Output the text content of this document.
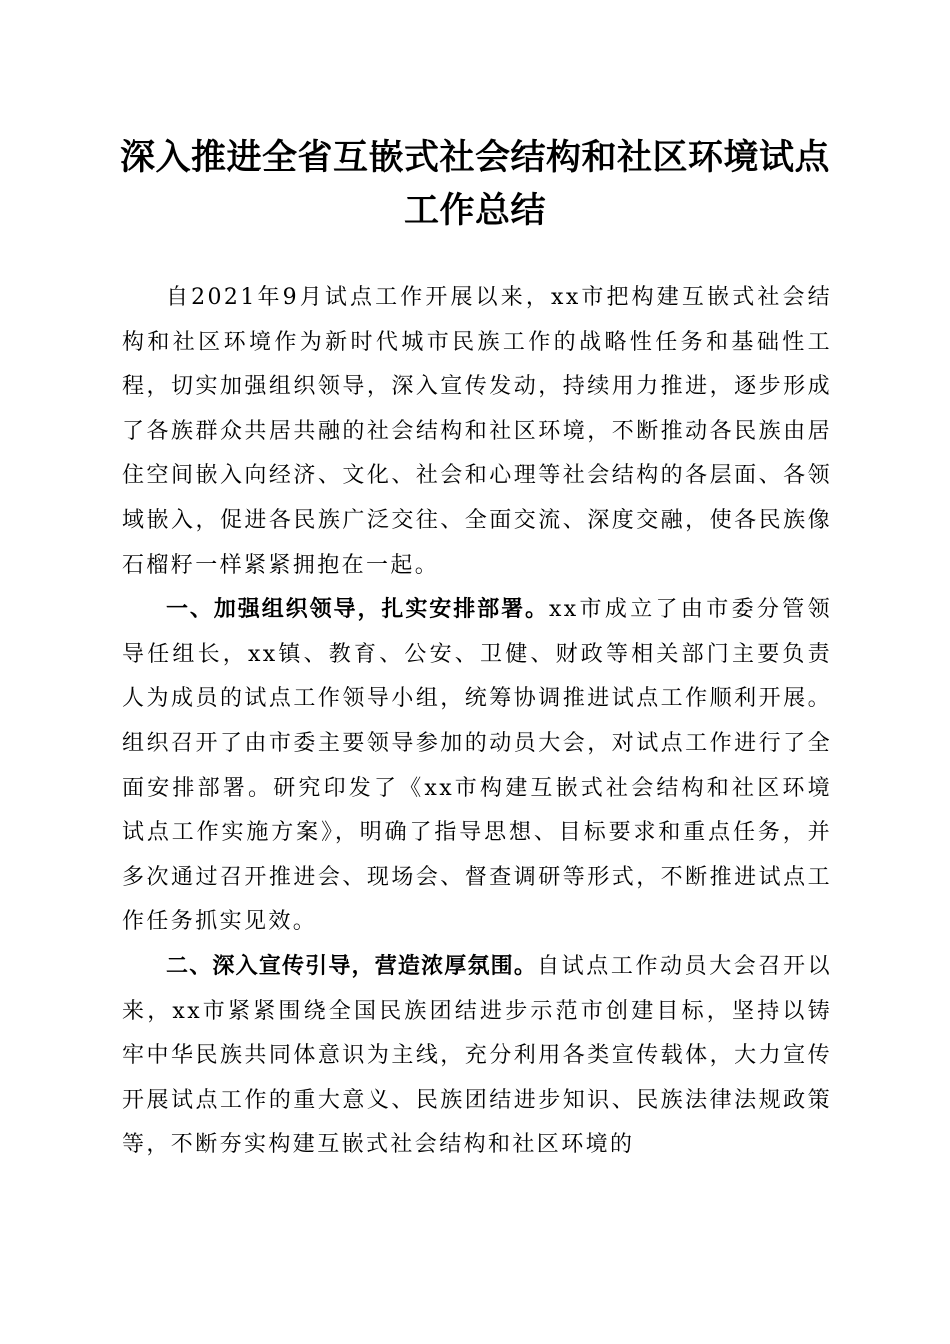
深入推进全省互嵌式社会结构和社区环境试点
工作总结

自2021年9月试点工作开展以来，xx市把构建互嵌式社会结构和社区环境作为新时代城市民族工作的战略性任务和基础性工程，切实加强组织领导，深入宣传发动，持续用力推进，逐步形成了各族群众共居共融的社会结构和社区环境，不断推动各民族由居住空间嵌入向经济、文化、社会和心理等社会结构的各层面、各领域嵌入，促进各民族广泛交往、全面交流、深度交融，使各民族像石榴籽一样紧紧拥抱在一起。

一、加强组织领导，扎实安排部署。xx市成立了由市委分管领导任组长，xx镇、教育、公安、卫健、财政等相关部门主要负责人为成员的试点工作领导小组，统筹协调推进试点工作顺利开展。组织召开了由市委主要领导参加的动员大会，对试点工作进行了全面安排部署。研究印发了《xx市构建互嵌式社会结构和社区环境试点工作实施方案》，明确了指导思想、目标要求和重点任务，并多次通过召开推进会、现场会、督查调研等形式，不断推进试点工作任务抓实见效。

二、深入宣传引导，营造浓厚氛围。自试点工作动员大会召开以来，xx市紧紧围绕全国民族团结进步示范市创建目标，坚持以铸牢中华民族共同体意识为主线，充分利用各类宣传载体，大力宣传开展试点工作的重大意义、民族团结进步知识、民族法律法规政策等，不断夯实构建互嵌式社会结构和社区环境的
